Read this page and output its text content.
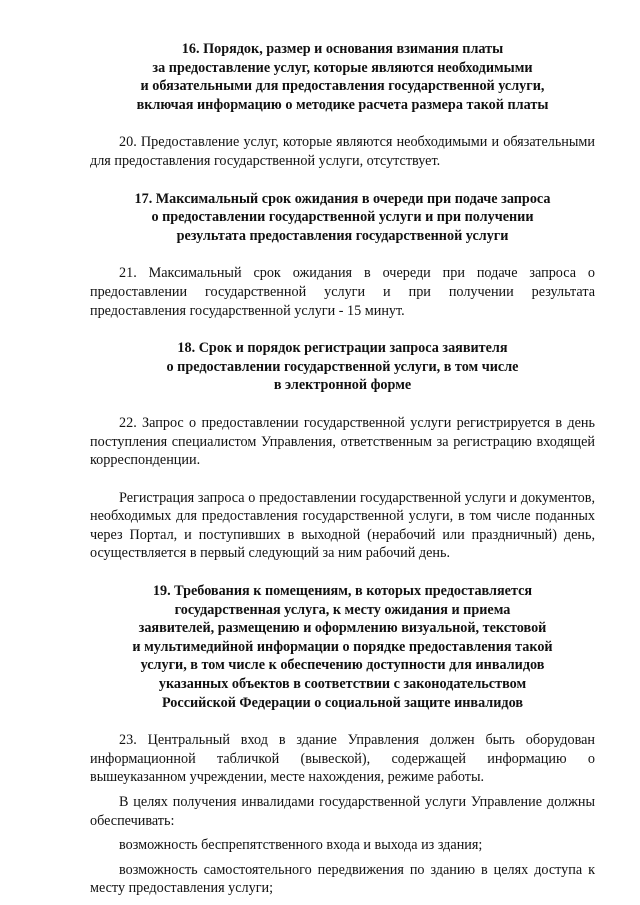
16. Порядок, размер и основания взимания платы
за предоставление услуг, которые являются необходимыми
и обязательными для предоставления государственной услуги,
включая информацию о методике расчета размера такой платы

20. Предоставление услуг, которые являются необходимыми и обязательными для предоставления государственной услуги, отсутствует.

17. Максимальный срок ожидания в очереди при подаче запроса
о предоставлении государственной услуги и при получении
результата предоставления государственной услуги

21. Максимальный срок ожидания в очереди при подаче запроса о предоставлении государственной услуги и при получении результата предоставления государственной услуги - 15 минут.

18. Срок и порядок регистрации запроса заявителя
о предоставлении государственной услуги, в том числе
в электронной форме

22. Запрос о предоставлении государственной услуги регистрируется в день поступления специалистом Управления, ответственным за регистрацию входящей корреспонденции.

Регистрация запроса о предоставлении государственной услуги и документов, необходимых для предоставления государственной услуги, в том числе поданных через Портал, и поступивших в выходной (нерабочий или праздничный) день, осуществляется в первый следующий за ним рабочий день.

19. Требования к помещениям, в которых предоставляется
государственная услуга, к месту ожидания и приема
заявителей, размещению и оформлению визуальной, текстовой
и мультимедийной информации о порядке предоставления такой
услуги, в том числе к обеспечению доступности для инвалидов
указанных объектов в соответствии с законодательством
Российской Федерации о социальной защите инвалидов

23. Центральный вход в здание Управления должен быть оборудован информационной табличкой (вывеской), содержащей информацию о вышеуказанном учреждении, месте нахождения, режиме работы.

В целях получения инвалидами государственной услуги Управление должны обеспечивать:

возможность беспрепятственного входа и выхода из здания;

возможность самостоятельного передвижения по зданию в целях доступа к месту предоставления услуги;
